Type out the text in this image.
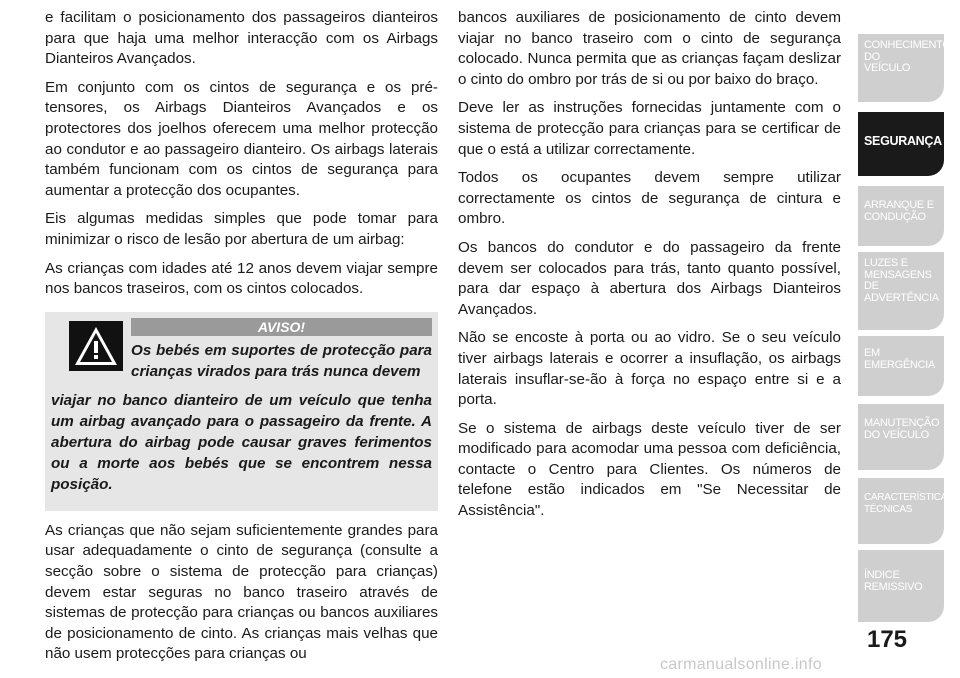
e facilitam o posicionamento dos passageiros dianteiros para que haja uma melhor interacção com os Airbags Dianteiros Avançados.

Em conjunto com os cintos de segurança e os pré-tensores, os Airbags Dianteiros Avançados e os protectores dos joelhos oferecem uma melhor protecção ao condutor e ao passageiro dianteiro. Os airbags laterais também funcionam com os cintos de segurança para aumentar a protecção dos ocupantes.

Eis algumas medidas simples que pode tomar para minimizar o risco de lesão por abertura de um airbag:

As crianças com idades até 12 anos devem viajar sempre nos bancos traseiros, com os cintos colocados.

AVISO!

Os bebés em suportes de protecção para crianças virados para trás nunca devem

viajar no banco dianteiro de um veículo que tenha um airbag avançado para o passageiro da frente. A abertura do airbag pode causar graves ferimentos ou a morte aos bebés que se encontrem nessa posição.

As crianças que não sejam suficientemente grandes para usar adequadamente o cinto de segurança (consulte a secção sobre o sistema de protecção para crianças) devem estar seguras no banco traseiro através de sistemas de protecção para crianças ou bancos auxiliares de posicionamento de cinto. As crianças mais velhas que não usem protecções para crianças ou

bancos auxiliares de posicionamento de cinto devem viajar no banco traseiro com o cinto de segurança colocado. Nunca permita que as crianças façam deslizar o cinto do ombro por trás de si ou por baixo do braço.

Deve ler as instruções fornecidas juntamente com o sistema de protecção para crianças para se certificar de que o está a utilizar correctamente.

Todos os ocupantes devem sempre utilizar correctamente os cintos de segurança de cintura e ombro.

Os bancos do condutor e do passageiro da frente devem ser colocados para trás, tanto quanto possível, para dar espaço à abertura dos Airbags Dianteiros Avançados.

Não se encoste à porta ou ao vidro. Se o seu veículo tiver airbags laterais e ocorrer a insuflação, os airbags laterais insuflar-se-ão à força no espaço entre si e a porta.

Se o sistema de airbags deste veículo tiver de ser modificado para acomodar uma pessoa com deficiência, contacte o Centro para Clientes. Os números de telefone estão indicados em "Se Necessitar de Assistência".

CONHECIMENTO
DO
VEÍCULO
SEGURANÇA
ARRANQUE E
CONDUÇÃO
LUZES E
MENSAGENS
DE
ADVERTÊNCIA
EM
EMERGÊNCIA
MANUTENÇÃO
DO VEÍCULO
CARACTERÍSTICAS
TÉCNICAS
ÍNDICE
REMISSIVO
175
carmanualsonline.info
